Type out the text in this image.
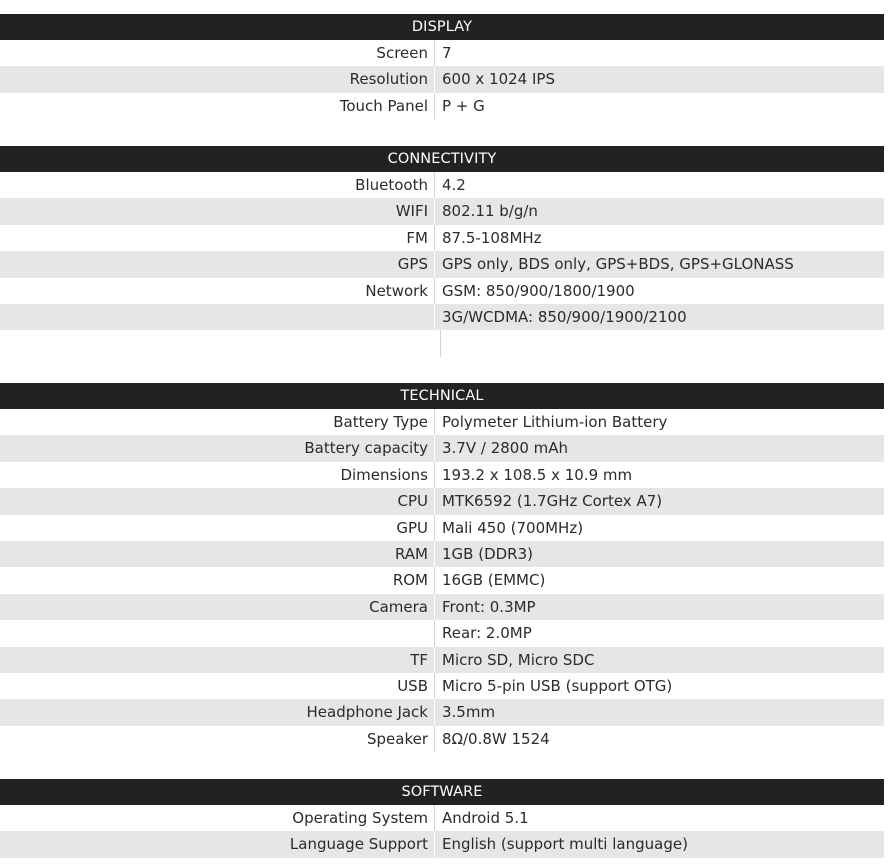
DISPLAY
Screen 7
Resolution 600 x 1024 IPS
Touch Panel P + G
CONNECTIVITY
Bluetooth 4.2
WIFI 802.11 b/g/n
FM 87.5-108MHz
GPS GPS only, BDS only, GPS+BDS, GPS+GLONASS
Network GSM: 850/900/1800/1900
3G/WCDMA: 850/900/1900/2100
TECHNICAL
Battery Type Polymeter Lithium-ion Battery
Battery capacity 3.7V / 2800 mAh
Dimensions 193.2 x 108.5 x 10.9 mm
CPU MTK6592 (1.7GHz Cortex A7)
GPU Mali 450 (700MHz)
RAM 1GB (DDR3)
ROM 16GB (EMMC)
Camera Front: 0.3MP
Rear: 2.0MP
TF Micro SD, Micro SDC
USB Micro 5-pin USB (support OTG)
Headphone Jack 3.5mm
Speaker 8Ω/0.8W 1524
SOFTWARE
Operating System Android 5.1
Language Support English (support multi language)
